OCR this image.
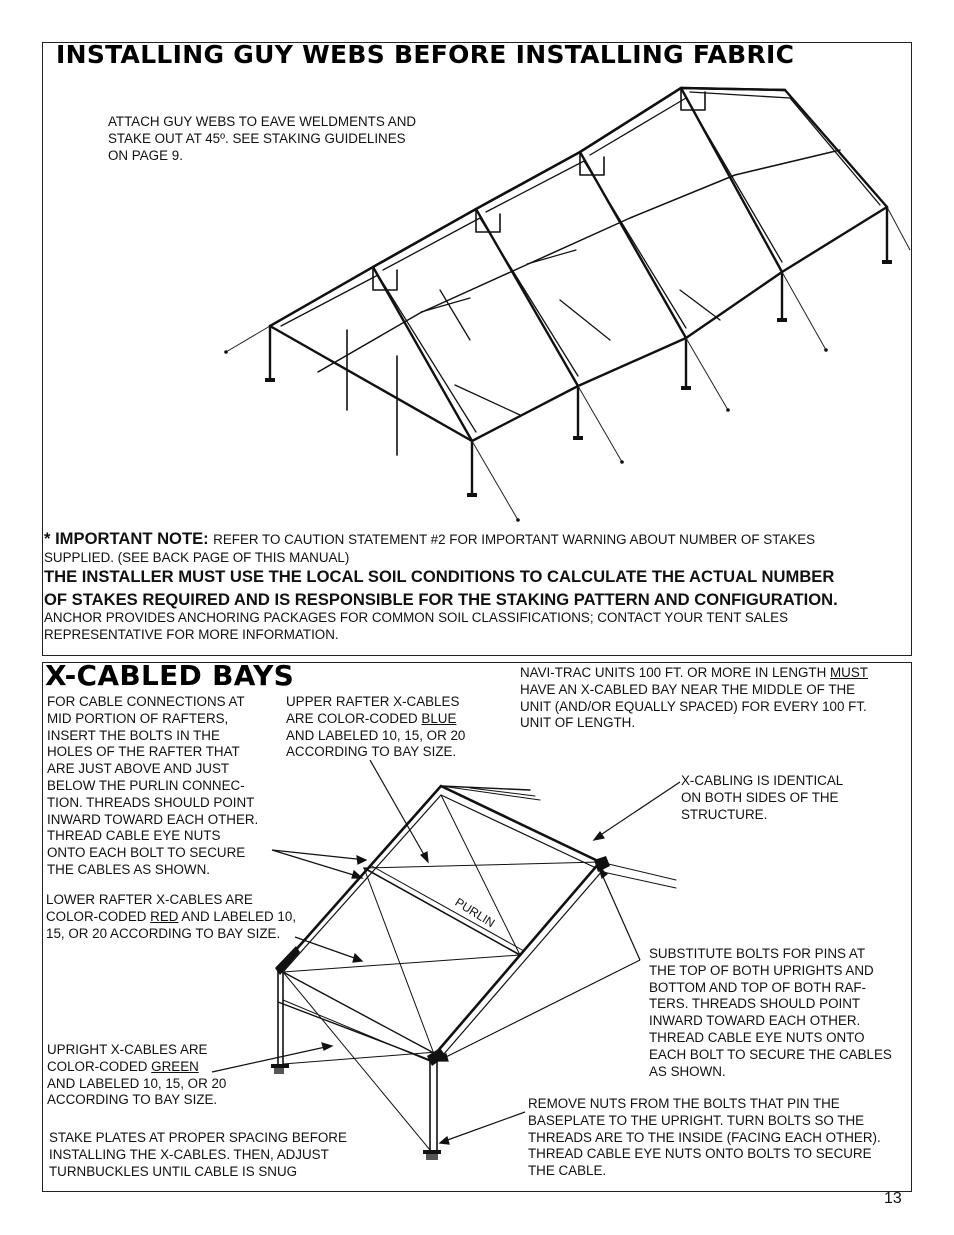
INSTALLING GUY WEBS BEFORE INSTALLING FABRIC
ATTACH GUY WEBS TO EAVE WELDMENTS AND
STAKE OUT AT 45º. SEE STAKING GUIDELINES
ON PAGE 9.
* IMPORTANT NOTE: REFER TO CAUTION STATEMENT #2 FOR IMPORTANT WARNING ABOUT NUMBER OF STAKES
SUPPLIED. (SEE BACK PAGE OF THIS MANUAL)
THE INSTALLER MUST USE THE LOCAL SOIL CONDITIONS TO CALCULATE THE ACTUAL NUMBER
OF STAKES REQUIRED AND IS RESPONSIBLE FOR THE STAKING PATTERN AND CONFIGURATION.
ANCHOR PROVIDES ANCHORING PACKAGES FOR COMMON SOIL CLASSIFICATIONS; CONTACT YOUR TENT SALES
REPRESENTATIVE FOR MORE INFORMATION.
X-CABLED BAYS
FOR CABLE CONNECTIONS AT
MID PORTION OF RAFTERS,
INSERT THE BOLTS IN THE
HOLES OF THE RAFTER THAT
ARE JUST ABOVE AND JUST
BELOW THE PURLIN CONNEC-
TION. THREADS SHOULD POINT
INWARD TOWARD EACH OTHER.
THREAD CABLE EYE NUTS
ONTO EACH BOLT TO SECURE
THE CABLES AS SHOWN.
UPPER RAFTER X-CABLES
ARE COLOR-CODED BLUE
AND LABELED 10, 15, OR 20
ACCORDING TO BAY SIZE.
NAVI-TRAC UNITS 100 FT. OR MORE IN LENGTH MUST
HAVE AN X-CABLED BAY NEAR THE MIDDLE OF THE
UNIT (AND/OR EQUALLY SPACED) FOR EVERY 100 FT.
UNIT OF LENGTH.
X-CABLING IS IDENTICAL
ON BOTH SIDES OF THE
STRUCTURE.
LOWER RAFTER X-CABLES ARE
COLOR-CODED RED AND LABELED 10,
15, OR 20 ACCORDING TO BAY SIZE.
SUBSTITUTE BOLTS FOR PINS AT
THE TOP OF BOTH UPRIGHTS AND
BOTTOM AND TOP OF BOTH RAF-
TERS. THREADS SHOULD POINT
INWARD TOWARD EACH OTHER.
THREAD CABLE EYE NUTS ONTO
EACH BOLT TO SECURE THE CABLES
AS SHOWN.
UPRIGHT X-CABLES ARE
COLOR-CODED GREEN
AND LABELED 10, 15, OR 20
ACCORDING TO BAY SIZE.	REMOVE NUTS FROM THE BOLTS THAT PIN THE
BASEPLATE TO THE UPRIGHT. TURN BOLTS SO THE
THREADS ARE TO THE INSIDE (FACING EACH OTHER).
THREAD CABLE EYE NUTS ONTO BOLTS TO SECURE
THE CABLE.
STAKE PLATES AT PROPER SPACING BEFORE
INSTALLING THE X-CABLES. THEN, ADJUST
TURNBUCKLES UNTIL CABLE IS SNUG
PURLIN
13
